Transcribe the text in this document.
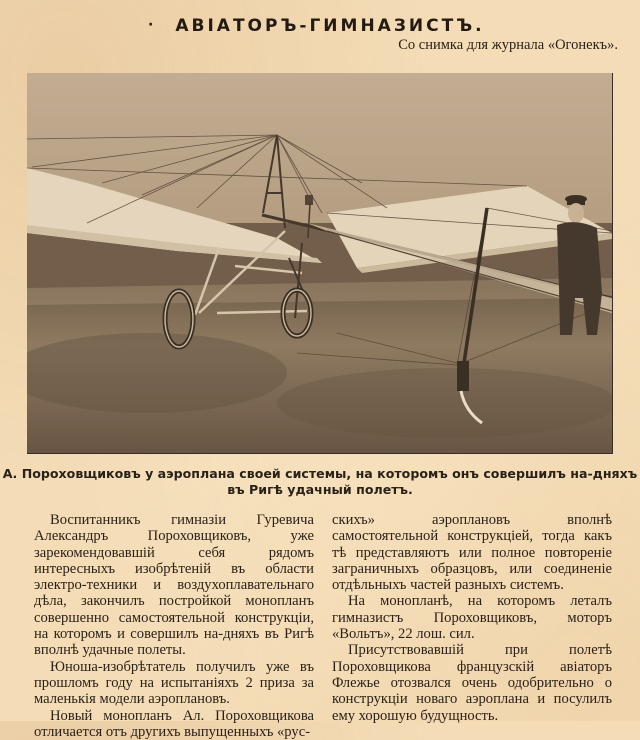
· АВIАТОРЪ-ГИМНАЗИСТЪ.
Со снимка для журнала «Огонекъ».
А. Пороховщиковъ у аэроплана своей системы, на которомъ онъ совершилъ на-дняхъ
въ Ригѣ удачный полетъ.

Воспитанникъ гимназiи Гуревича Александръ Пороховщиковъ, уже зарекомендовавшiй себя рядомъ интересныхъ изобрѣтенiй въ области электро-техники и воздухоплавательнаго дѣла, закончилъ постройкой монопланъ совершенно самостоятельной конструкцiи, на которомъ и совершилъ на-дняхъ въ Ригѣ вполнѣ удачные полеты.

Юноша-изобрѣтатель получилъ уже въ прошломъ году на испытанiяхъ 2 приза за маленькiя модели аэроплановъ.

Новый монопланъ Ал. Пороховщикова отличается отъ другихъ выпущенныхъ «рус-

скихъ» аэроплановъ вполнѣ самостоятельной конструкцiей, тогда какъ тѣ представляютъ или полное повторенiе заграничныхъ образцовъ, или соединенiе отдѣльныхъ частей разныхъ системъ.

На монопланѣ, на которомъ леталъ гимназистъ Пороховщиковъ, моторъ «Вольтъ», 22 лош. сил.

Присутствовавшiй при полетѣ Пороховщикова французскiй авiаторъ Флежье отозвался очень одобрительно о конструкцiи новаго аэроплана и посулилъ ему хорошую будущность.
